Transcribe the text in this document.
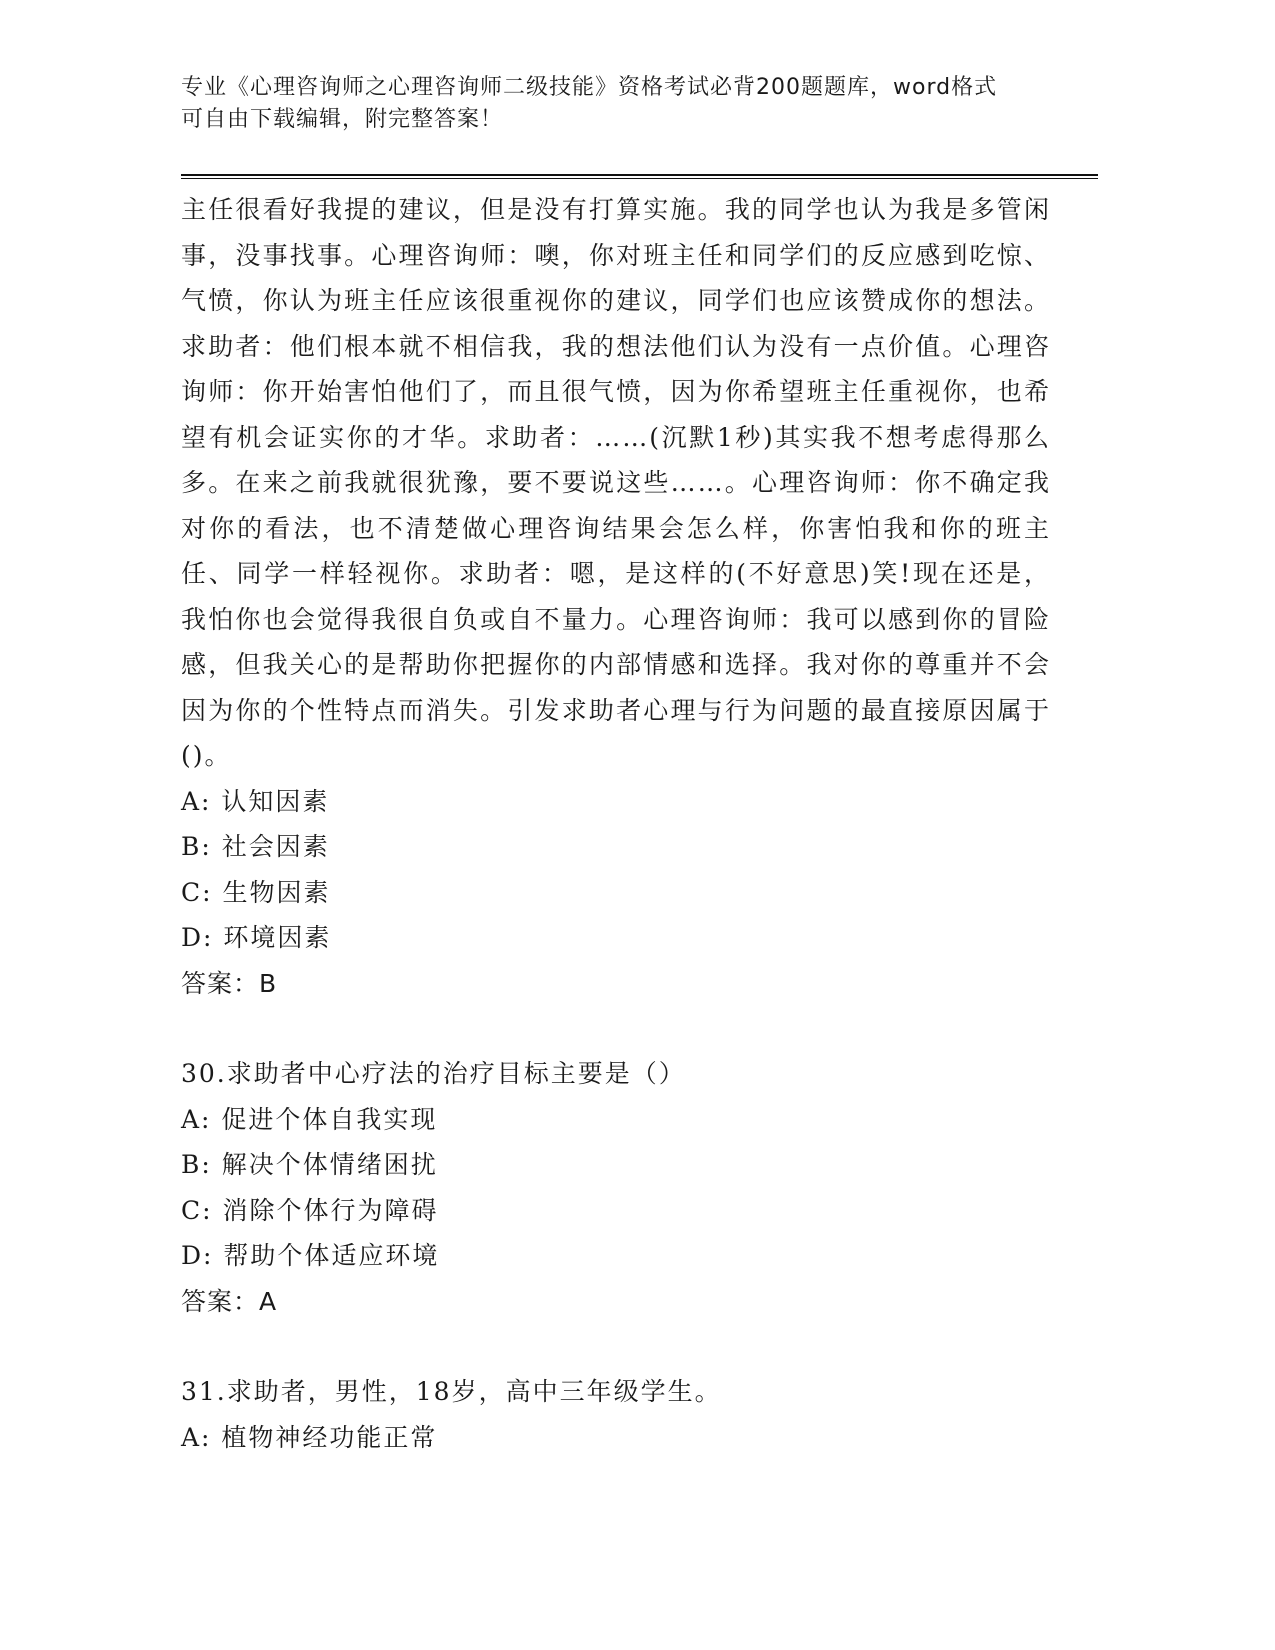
专业《心理咨询师之心理咨询师二级技能》资格考试必背200题题库，word格式
可自由下载编辑，附完整答案！

主任很看好我提的建议，但是没有打算实施。我的同学也认为我是多管闲事，没事找事。心理咨询师：噢，你对班主任和同学们的反应感到吃惊、气愤，你认为班主任应该很重视你的建议，同学们也应该赞成你的想法。求助者：他们根本就不相信我，我的想法他们认为没有一点价值。心理咨询师：你开始害怕他们了，而且很气愤，因为你希望班主任重视你，也希望有机会证实你的才华。求助者：……(沉默1秒)其实我不想考虑得那么多。在来之前我就很犹豫，要不要说这些……。心理咨询师：你不确定我对你的看法，也不清楚做心理咨询结果会怎么样，你害怕我和你的班主任、同学一样轻视你。求助者：嗯，是这样的(不好意思)笑!现在还是，我怕你也会觉得我很自负或自不量力。心理咨询师：我可以感到你的冒险感，但我关心的是帮助你把握你的内部情感和选择。我对你的尊重并不会因为你的个性特点而消失。引发求助者心理与行为问题的最直接原因属于()。

A: 认知因素

B: 社会因素

C: 生物因素

D: 环境因素

答案：B

30.求助者中心疗法的治疗目标主要是（）

A: 促进个体自我实现

B: 解决个体情绪困扰

C: 消除个体行为障碍

D: 帮助个体适应环境

答案：A

31.求助者，男性，18岁，高中三年级学生。

A: 植物神经功能正常
